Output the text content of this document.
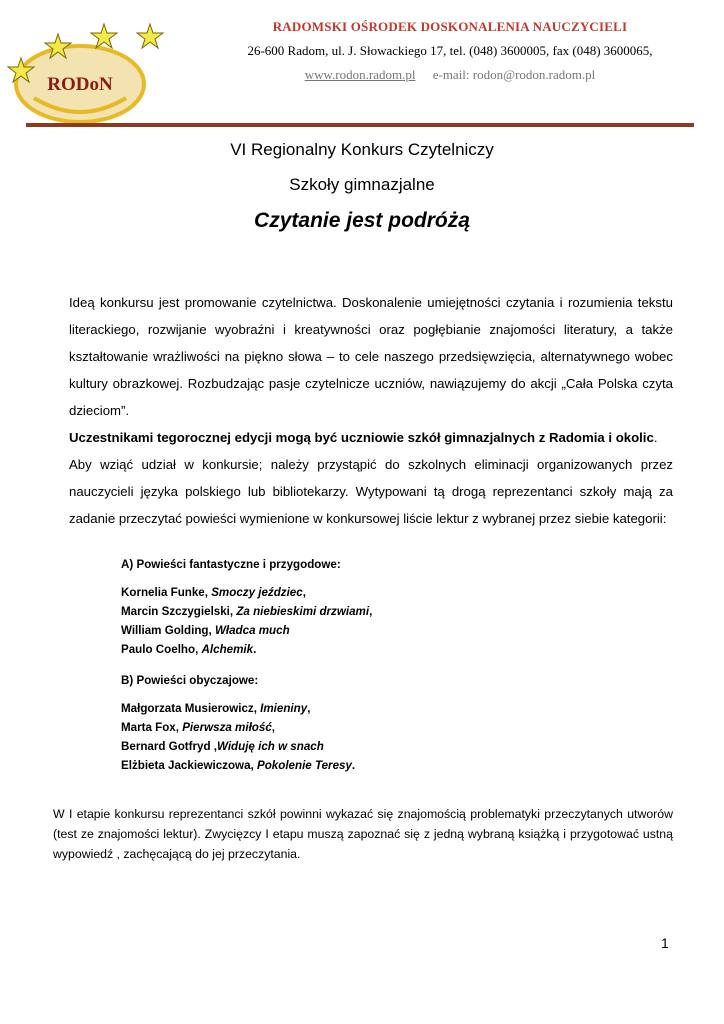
RODoN
RADOMSKI OŚRODEK DOSKONALENIA NAUCZYCIELI
26-600 Radom, ul. J. Słowackiego 17, tel. (048) 3600005, fax (048) 3600065,
www.rodon.radom.pl e-mail: rodon@rodon.radom.pl
VI Regionalny Konkurs Czytelniczy
Szkoły gimnazjalne
Czytanie jest podróżą

Ideą konkursu jest promowanie czytelnictwa. Doskonalenie umiejętności czytania i rozumienia tekstu literackiego, rozwijanie wyobraźni i kreatywności oraz pogłębianie znajomości literatury, a także kształtowanie wrażliwości na piękno słowa – to cele naszego przedsięwzięcia, alternatywnego wobec kultury obrazkowej. Rozbudzając pasje czytelnicze uczniów, nawiązujemy do akcji „Cała Polska czyta dzieciom”.

Uczestnikami tegorocznej edycji mogą być uczniowie szkół gimnazjalnych z Radomia i okolic.

Aby wziąć udział w konkursie; należy przystąpić do szkolnych eliminacji organizowanych przez nauczycieli języka polskiego lub bibliotekarzy. Wytypowani tą drogą reprezentanci szkoły mają za zadanie przeczytać powieści wymienione w konkursowej liście lektur z wybranej przez siebie kategorii:

A) Powieści fantastyczne i przygodowe:
Kornelia Funke, Smoczy jeździec,
Marcin Szczygielski, Za niebieskimi drzwiami,
William Golding, Władca much
Paulo Coelho, Alchemik.
B) Powieści obyczajowe:
Małgorzata Musierowicz, Imieniny,
Marta Fox, Pierwsza miłość,
Bernard Gotfryd ,Widuję ich w snach
Elżbieta Jackiewiczowa, Pokolenie Teresy.
W I etapie konkursu reprezentanci szkół powinni wykazać się znajomością problematyki przeczytanych utworów (test ze znajomości lektur). Zwycięzcy I etapu muszą zapoznać się z jedną wybraną książką i przygotować ustną wypowiedź , zachęcającą do jej przeczytania.
1
